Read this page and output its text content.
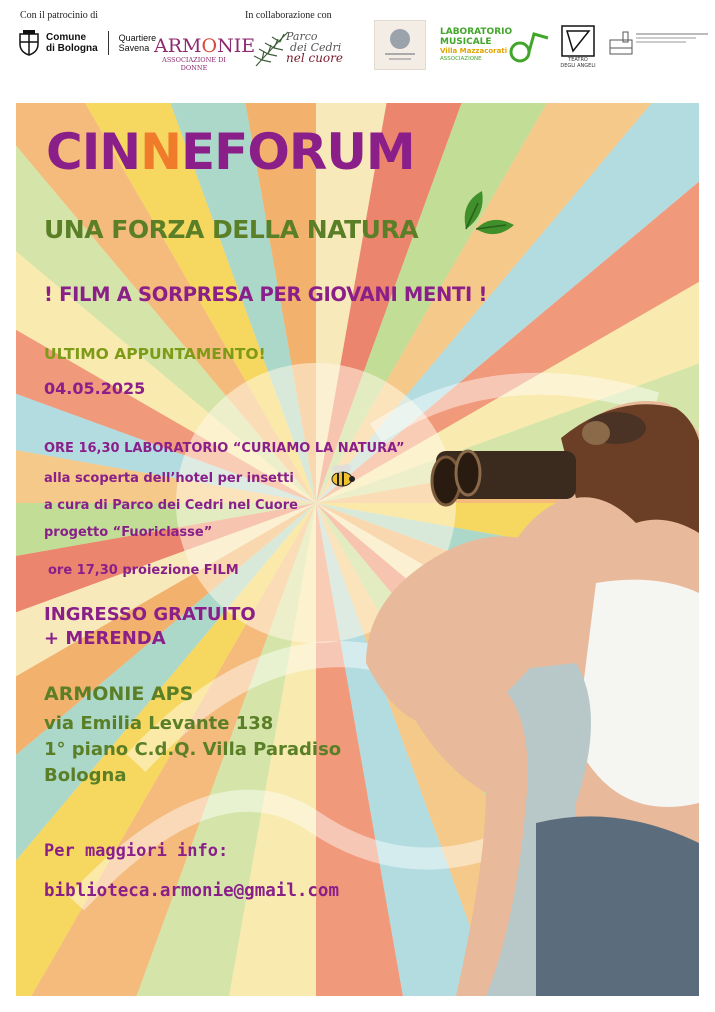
Con il patrocinio di	In collaborazione con
Comune
di Bologna
Quartiere
Savena ARMONIE
ASSOCIAZIONE DI DONNE
Parco
dei Cedri
nel cuore
LABORATORIO
MUSICALE
Villa Mazzacorati
ASSOCIAZIONE	TEATRO
DEGLI ANGELI
CINNEFORUM
UNA FORZA DELLA NATURA
! FILM A SORPRESA PER GIOVANI MENTI !
ULTIMO APPUNTAMENTO!
04.05.2025
ORE 16,30 LABORATORIO “CURIAMO LA NATURA”
alla scoperta dell’hotel per insetti
a cura di Parco dei Cedri nel Cuore
progetto “Fuoriclasse”
ore 17,30 proiezione FILM
INGRESSO GRATUITO
+ MERENDA
ARMONIE APS
via Emilia Levante 138
1° piano C.d.Q. Villa Paradiso
Bologna
Per maggiori info:
biblioteca.armonie@gmail.com
